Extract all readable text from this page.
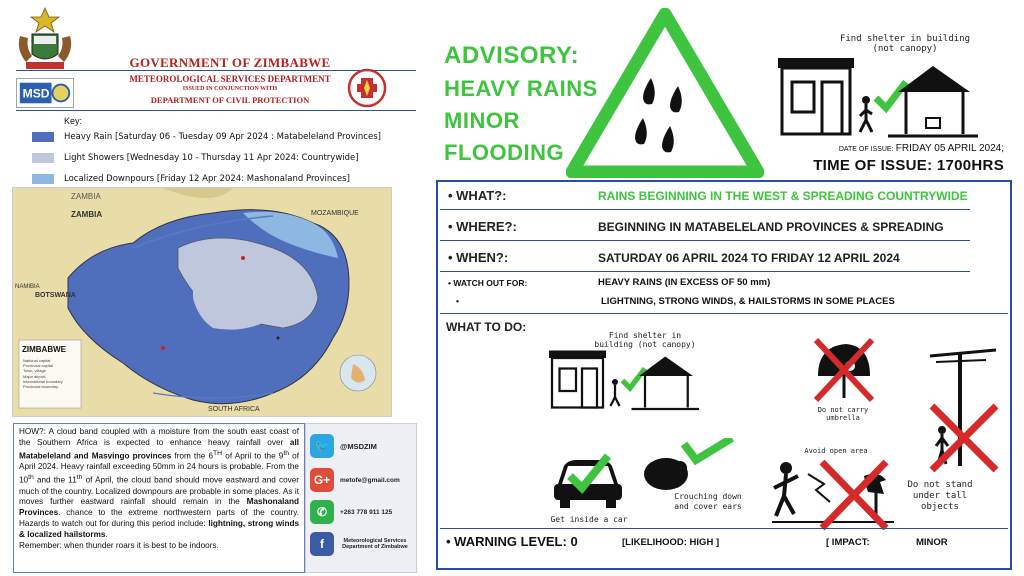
GOVERNMENT OF ZIMBABWE
MSD
METEOROLOGICAL SERVICES DEPARTMENT
ISSUED IN CONJUNCTION WITH
DEPARTMENT OF CIVIL PROTECTION
Key:
Heavy Rain [Saturday 06 - Tuesday 09 Apr 2024 : Matabeleland Provinces]
Light Showers [Wednesday 10 - Thursday 11 Apr 2024: Countrywide]
Localized Downpours [Friday 12 Apr 2024: Mashonaland Provinces]
ZAMBIA
ZAMBIA	MOZAMBIQUE
NAMIBIA
BOTSWANA
SOUTH AFRICA
ZIMBABWE
National capital
Provincial capital
Town, village
Major airport
International boundary
Provincial boundary
HOW?: A cloud band coupled with a moisture from the south east coast of the Southern Africa is expected to enhance heavy rainfall over all Matabeleland and Masvingo provinces from the 6TH of April to the 9th of April 2024. Heavy rainfall exceeding 50mm in 24 hours is probable. From the 10th and the 11th of April, the cloud band should move eastward and cover much of the country. Localized downpours are probable in some places. As it moves further eastward rainfall should remain in the Mashonaland Provinces. chance to the extreme northwestern parts of the country. Hazards to watch out for during this period include: lightning, strong winds & localized hailstorms.
Remember: when thunder roars it is best to be indoors.
🐦	@MSDZIM
G+	metofe@gmail.com
✆	+263 778 911 125
f	Meteorological Services Department of Zimbabwe
ADVISORY:
HEAVY RAINS
MINOR
FLOODING
Find shelter in building (not canopy)
DATE OF ISSUE: FRIDAY 05 APRIL 2024;
TIME OF ISSUE: 1700HRS
• WHAT?:	RAINS BEGINNING IN THE WEST & SPREADING COUNTRYWIDE
• WHERE?:	BEGINNING IN MATABELELAND PROVINCES & SPREADING
• WHEN?:	SATURDAY 06 APRIL 2024 TO FRIDAY 12 APRIL 2024
• WATCH OUT FOR:	HEAVY RAINS (IN EXCESS OF 50 mm)
•	LIGHTNING, STRONG WINDS, & HAILSTORMS IN SOME PLACES
WHAT TO DO:
Find shelter in building (not canopy)
Do not carry umbrella
Do not stand under tall objects
Get inside a car
Crouching down and cover ears
Avoid open area
• WARNING LEVEL: 0	[LIKELIHOOD: HIGH ]	[ IMPACT:	MINOR
